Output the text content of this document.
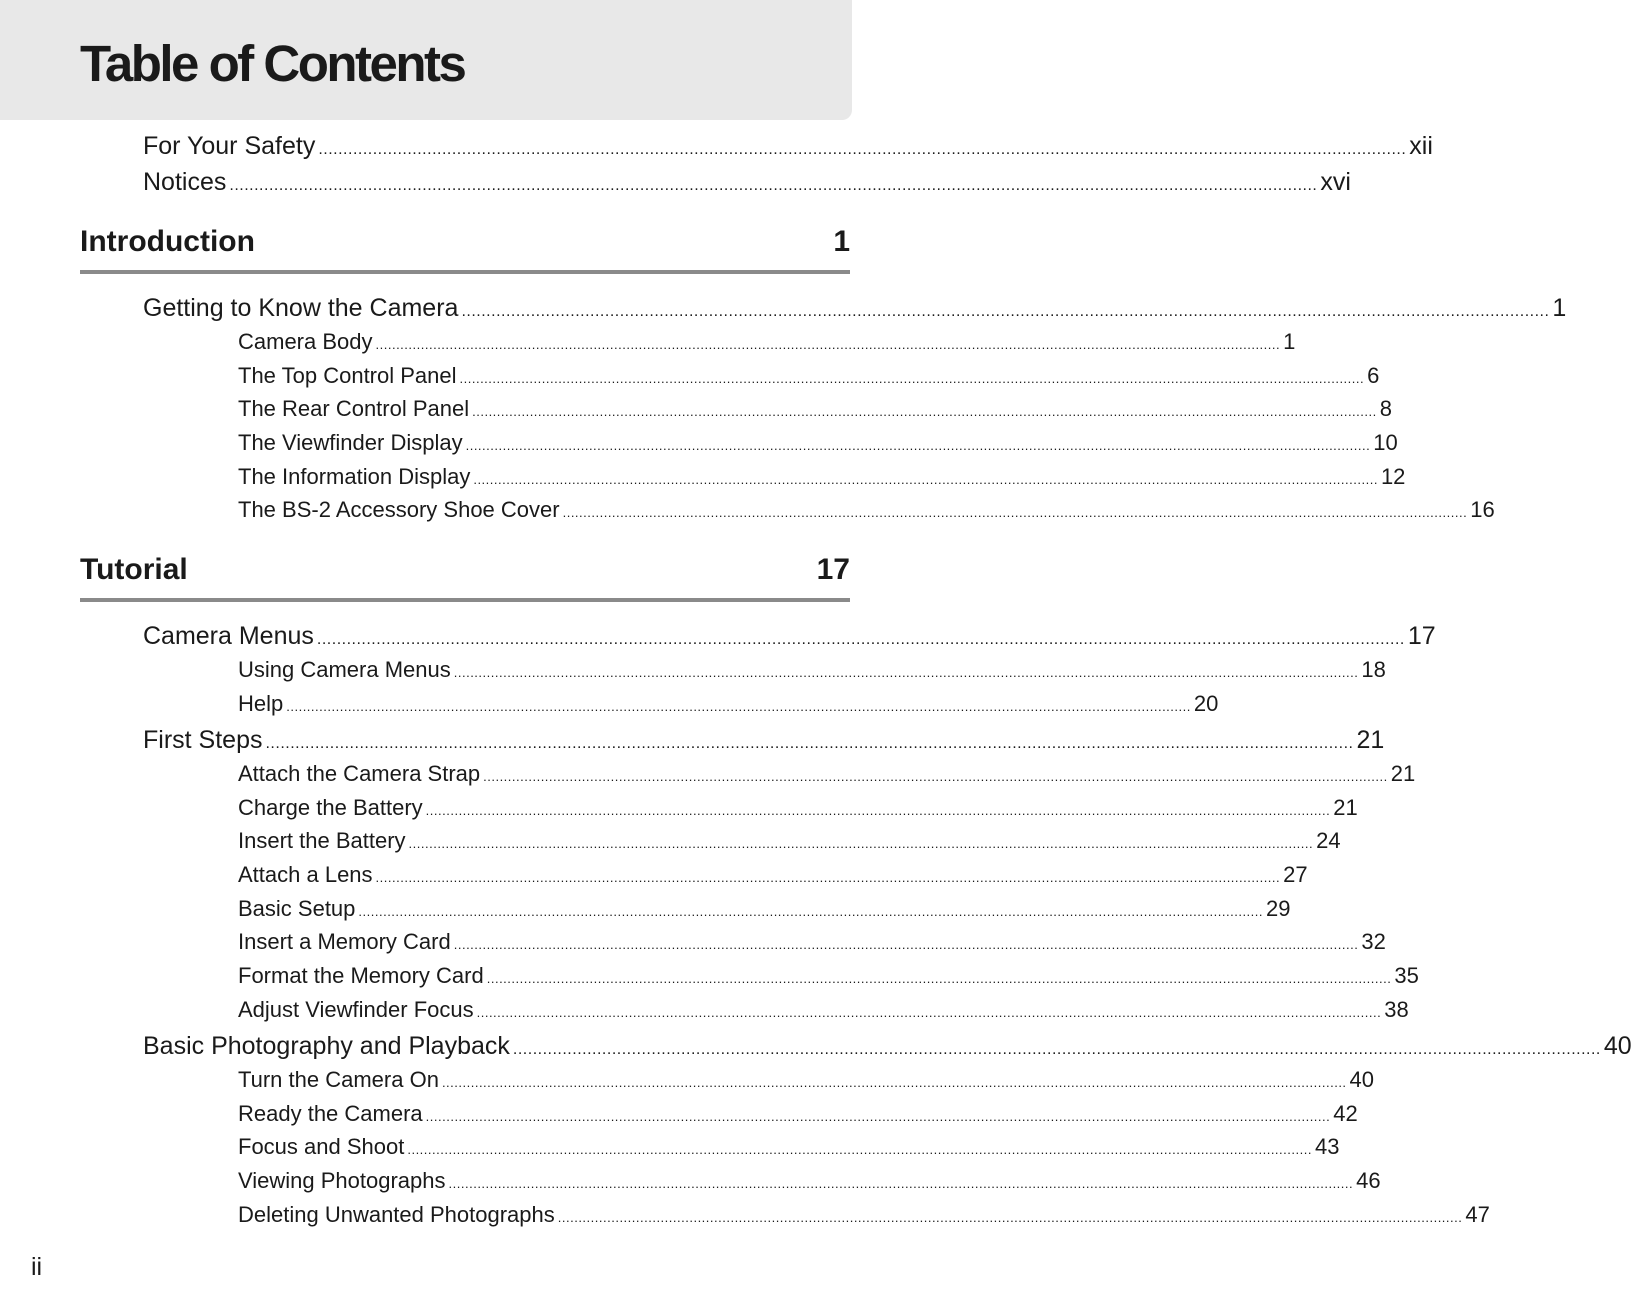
Table of Contents
For Your Safety ............................................................................................................................................................................................................................ xii
Notices ............................................................................................................................................................................................................................ xvi
Introduction	1
Getting to Know the Camera ............................................................................................................................................................................................................................ 1
Camera Body ............................................................................................................................................................................................................................ 1
The Top Control Panel ............................................................................................................................................................................................................................ 6
The Rear Control Panel ............................................................................................................................................................................................................................ 8
The Viewfinder Display ............................................................................................................................................................................................................................ 10
The Information Display ............................................................................................................................................................................................................................ 12
The BS-2 Accessory Shoe Cover ............................................................................................................................................................................................................................ 16
Tutorial	17
Camera Menus ............................................................................................................................................................................................................................ 17
Using Camera Menus ............................................................................................................................................................................................................................ 18
Help ............................................................................................................................................................................................................................ 20
First Steps ............................................................................................................................................................................................................................ 21
Attach the Camera Strap ............................................................................................................................................................................................................................ 21
Charge the Battery ............................................................................................................................................................................................................................ 21
Insert the Battery ............................................................................................................................................................................................................................ 24
Attach a Lens ............................................................................................................................................................................................................................ 27
Basic Setup ............................................................................................................................................................................................................................ 29
Insert a Memory Card ............................................................................................................................................................................................................................ 32
Format the Memory Card ............................................................................................................................................................................................................................ 35
Adjust Viewfinder Focus ............................................................................................................................................................................................................................ 38
Basic Photography and Playback ............................................................................................................................................................................................................................ 40
Turn the Camera On ............................................................................................................................................................................................................................ 40
Ready the Camera ............................................................................................................................................................................................................................ 42
Focus and Shoot ............................................................................................................................................................................................................................ 43
Viewing Photographs ............................................................................................................................................................................................................................ 46
Deleting Unwanted Photographs ............................................................................................................................................................................................................................ 47
ii
